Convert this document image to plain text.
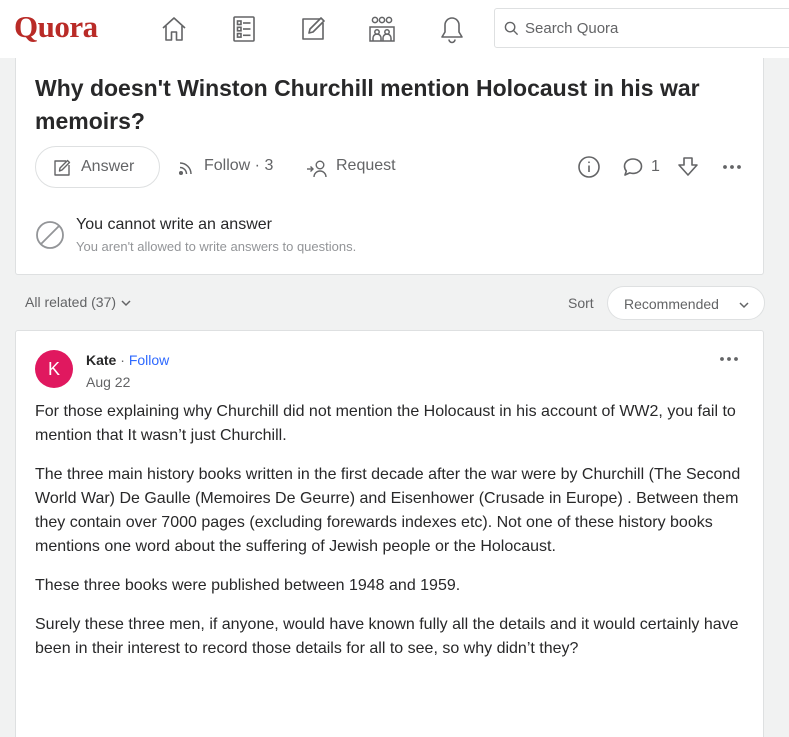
Quora
Search Quora
Why doesn't Winston Churchill mention Holocaust in his war memoirs?
Answer	Follow · 3	Request	1
You cannot write an answer
You aren't allowed to write answers to questions.
All related (37)	Sort Recommended
K	Kate · Follow
Aug 22

For those explaining why Churchill did not mention the Holocaust in his account of WW2, you fail to mention that It wasn’t just Churchill.

The three main history books written in the first decade after the war were by Churchill (The Second World War) De Gaulle (Memoires De Geurre) and Eisenhower (Crusade in Europe) . Between them they contain over 7000 pages (excluding forewards indexes etc). Not one of these history books mentions one word about the suffering of Jewish people or the Holocaust.

These three books were published between 1948 and 1959.

Surely these three men, if anyone, would have known fully all the details and it would certainly have been in their interest to record those details for all to see, so why didn’t they?
